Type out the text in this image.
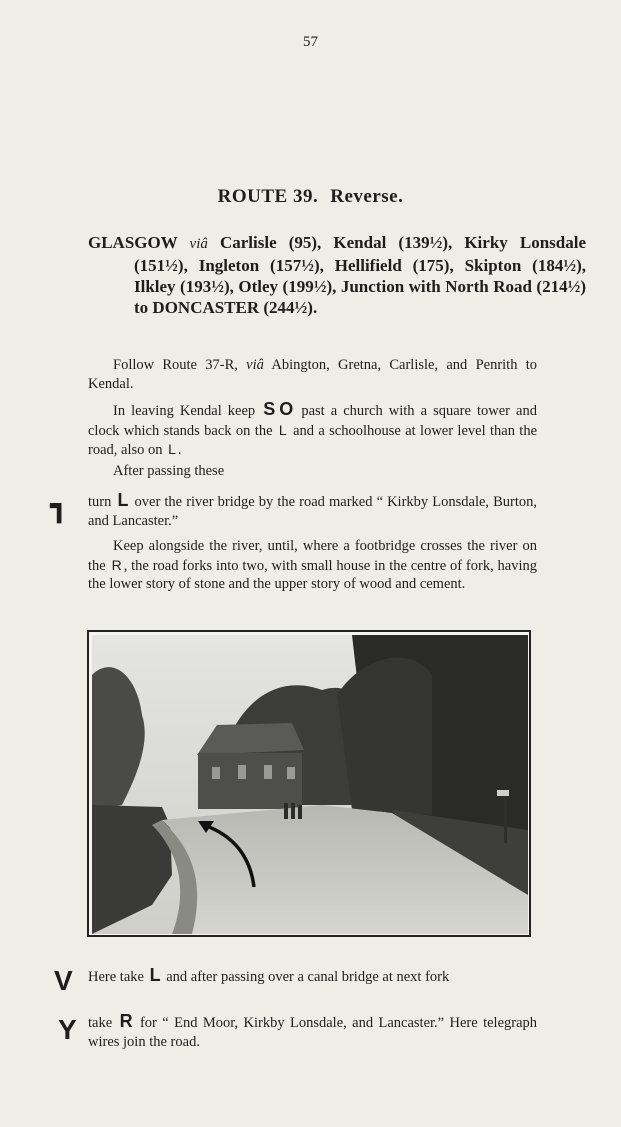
57
ROUTE 39. Reverse.
GLASGOW viâ Carlisle (95), Kendal (139½), Kirky Lonsdale (151½), Ingleton (157½), Hellifield (175), Skipton (184½), Ilkley (193½), Otley (199½), Junction with North Road (214½) to DONCASTER (244½).

Follow Route 37-R, viâ Abington, Gretna, Carlisle, and Penrith to Kendal.

In leaving Kendal keep S O past a church with a square tower and clock which stands back on the L and a schoolhouse at lower level than the road, also on L .

After passing these

┓ turn L over the river bridge by the road marked “ Kirkby Lonsdale, Burton, and Lancaster.”

Keep alongside the river, until, where a footbridge crosses the river on the R , the road forks into two, with small house in the centre of fork, having the lower story of stone and the upper story of wood and cement.

V Here take L and after passing over a canal bridge at next fork

Y take R for “ End Moor, Kirkby Lonsdale, and Lancaster.” Here telegraph wires join the road.
